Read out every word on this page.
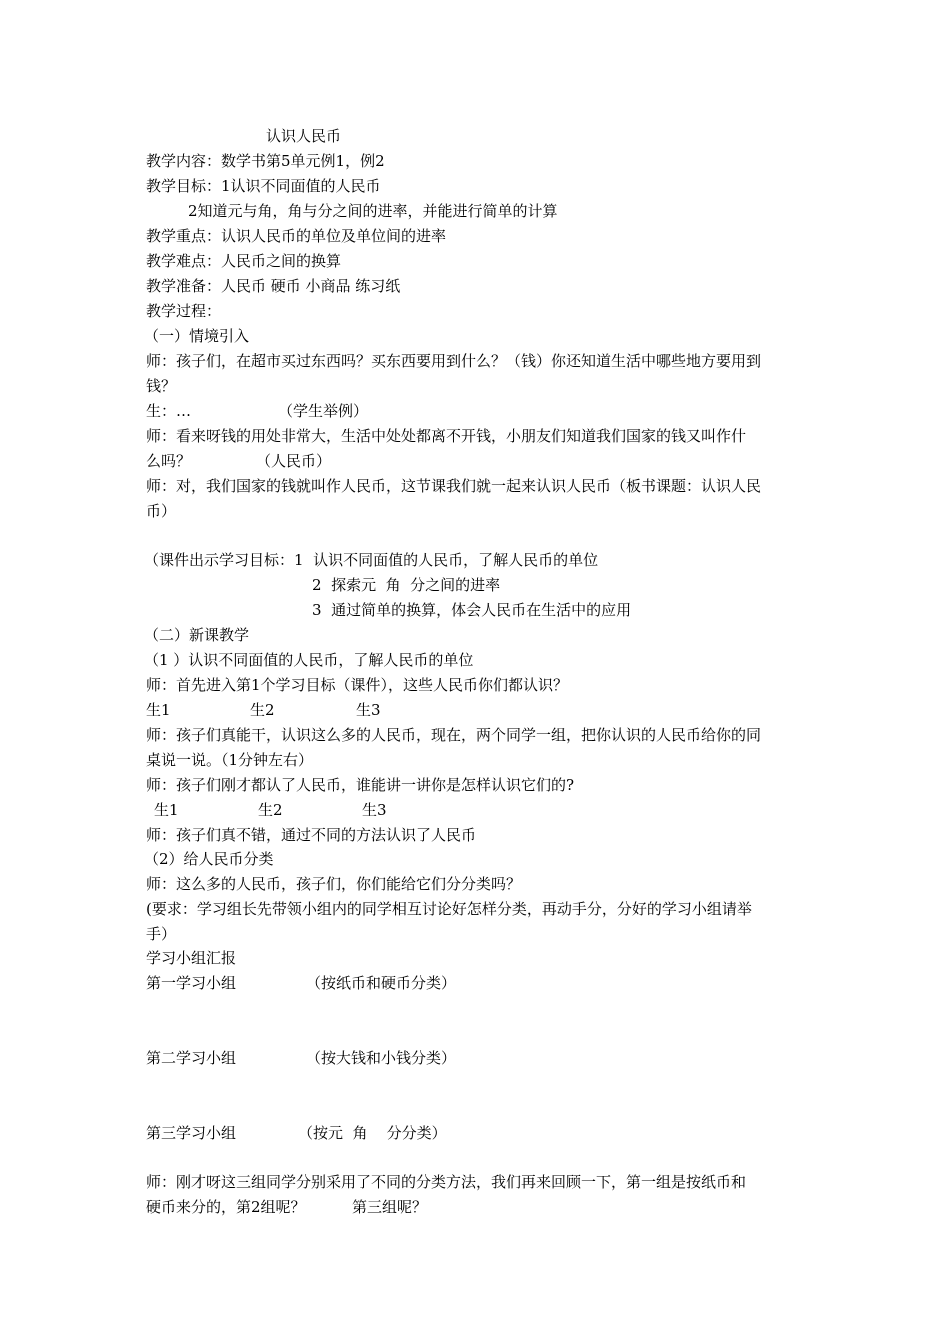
认识人民币

教学内容：数学书第5单元例1，例2

教学目标：1认识不同面值的人民币

2知道元与角，角与分之间的进率，并能进行简单的计算

教学重点：认识人民币的单位及单位间的进率

教学难点：人民币之间的换算

教学准备：人民币 硬币 小商品 练习纸

教学过程：

（一）情境引入

师：孩子们，在超市买过东西吗？买东西要用到什么？（钱）你还知道生活中哪些地方要用到

钱？

生：…

	（学生举例）

师：看来呀钱的用处非常大，生活中处处都离不开钱，小朋友们知道我们国家的钱又叫作什

么吗？

	（人民币）

师：对，我们国家的钱就叫作人民币，这节课我们就一起来认识人民币（板书课题：认识人民

币）

（课件出示学习目标：1  认识不同面值的人民币，了解人民币的单位

2  探索元  角  分之间的进率

3  通过简单的换算，体会人民币在生活中的应用

（二）新课教学

（1 ）认识不同面值的人民币，了解人民币的单位

师：首先进入第1个学习目标（课件），这些人民币你们都认识？

生1

	生2

	生3

师：孩子们真能干，认识这么多的人民币，现在，两个同学一组，把你认识的人民币给你的同

桌说一说。（1分钟左右）

师：孩子们刚才都认了人民币，谁能讲一讲你是怎样认识它们的?

生1

	生2

	生3

师：孩子们真不错，通过不同的方法认识了人民币

（2）给人民币分类

师：这么多的人民币，孩子们，你们能给它们分分类吗？

(要求：学习组长先带领小组内的同学相互讨论好怎样分类，再动手分，分好的学习小组请举

手）

学习小组汇报

第一学习小组

	（按纸币和硬币分类）

第二学习小组

	（按大钱和小钱分类）

第三学习小组

	（按元  角    分分类）

师：刚才呀这三组同学分别采用了不同的分类方法，我们再来回顾一下，第一组是按纸币和

硬币来分的，第2组呢？

	第三组呢？
